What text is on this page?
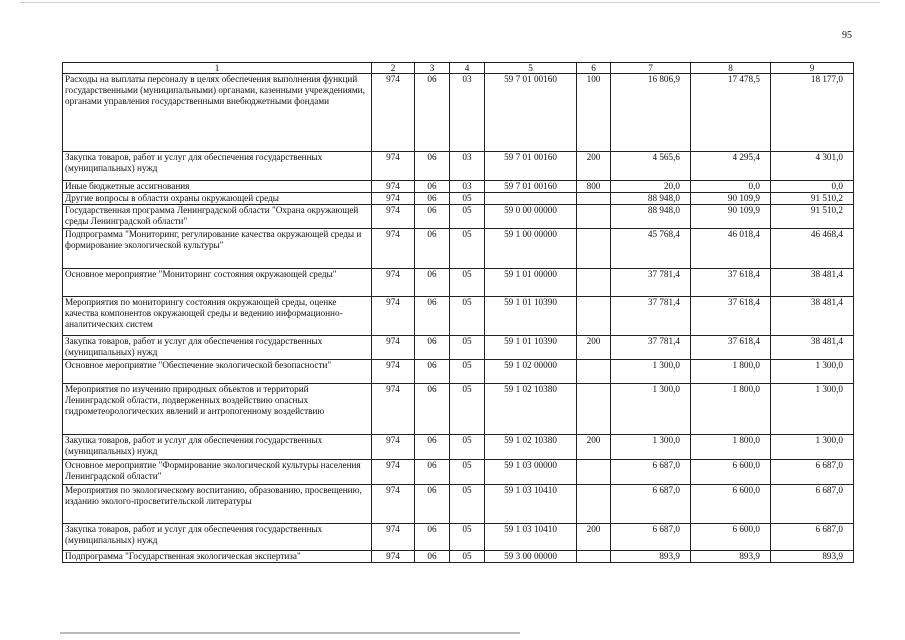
95
1	2	3	4	5	6	7	8	9
Расходы на выплаты персоналу в целях обеспечения выполнения функций государственными (муниципальными) органами, казенными учреждениями, органами управления государственными внебюджетными фондами	974	06	03	59 7 01 00160	100	16 806,9	17 478,5	18 177,0
Закупка товаров, работ и услуг для обеспечения государственных (муниципальных) нужд	974	06	03	59 7 01 00160	200	4 565,6	4 295,4	4 301,0
Иные бюджетные ассигнования	974	06	03	59 7 01 00160	800	20,0	0,0	0,0
Другие вопросы в области охраны окружающей среды	974	06	05			88 948,0	90 109,9	91 510,2
Государственная программа Ленинградской области "Охрана окружающей среды Ленинградской области"	974	06	05	59 0 00 00000		88 948,0	90 109,9	91 510,2
Подпрограмма "Мониторинг, регулирование качества окружающей среды и формирование экологической культуры"	974	06	05	59 1 00 00000		45 768,4	46 018,4	46 468,4
Основное мероприятие "Мониторинг состояния окружающей среды"	974	06	05	59 1 01 00000		37 781,4	37 618,4	38 481,4
Мероприятия по мониторингу состояния окружающей среды, оценке качества компонентов окружающей среды и ведению информационно-аналитических систем	974	06	05	59 1 01 10390		37 781,4	37 618,4	38 481,4
Закупка товаров, работ и услуг для обеспечения государственных (муниципальных) нужд	974	06	05	59 1 01 10390	200	37 781,4	37 618,4	38 481,4
Основное мероприятие "Обеспечение экологической безопасности"	974	06	05	59 1 02 00000		1 300,0	1 800,0	1 300,0
Мероприятия по изучению природных объектов и территорий Ленинградской области, подверженных воздействию опасных гидрометеорологических явлений и антропогенному воздействию	974	06	05	59 1 02 10380		1 300,0	1 800,0	1 300,0
Закупка товаров, работ и услуг для обеспечения государственных (муниципальных) нужд	974	06	05	59 1 02 10380	200	1 300,0	1 800,0	1 300,0
Основное мероприятие "Формирование экологической культуры населения Ленинградской области"	974	06	05	59 1 03 00000		6 687,0	6 600,0	6 687,0
Мероприятия по экологическому воспитанию, образованию, просвещению, изданию эколого-просветительской литературы	974	06	05	59 1 03 10410		6 687,0	6 600,0	6 687,0
Закупка товаров, работ и услуг для обеспечения государственных (муниципальных) нужд	974	06	05	59 1 03 10410	200	6 687,0	6 600,0	6 687,0
Подпрограмма "Государственная экологическая экспертиза"	974	06	05	59 3 00 00000		893,9	893,9	893,9
